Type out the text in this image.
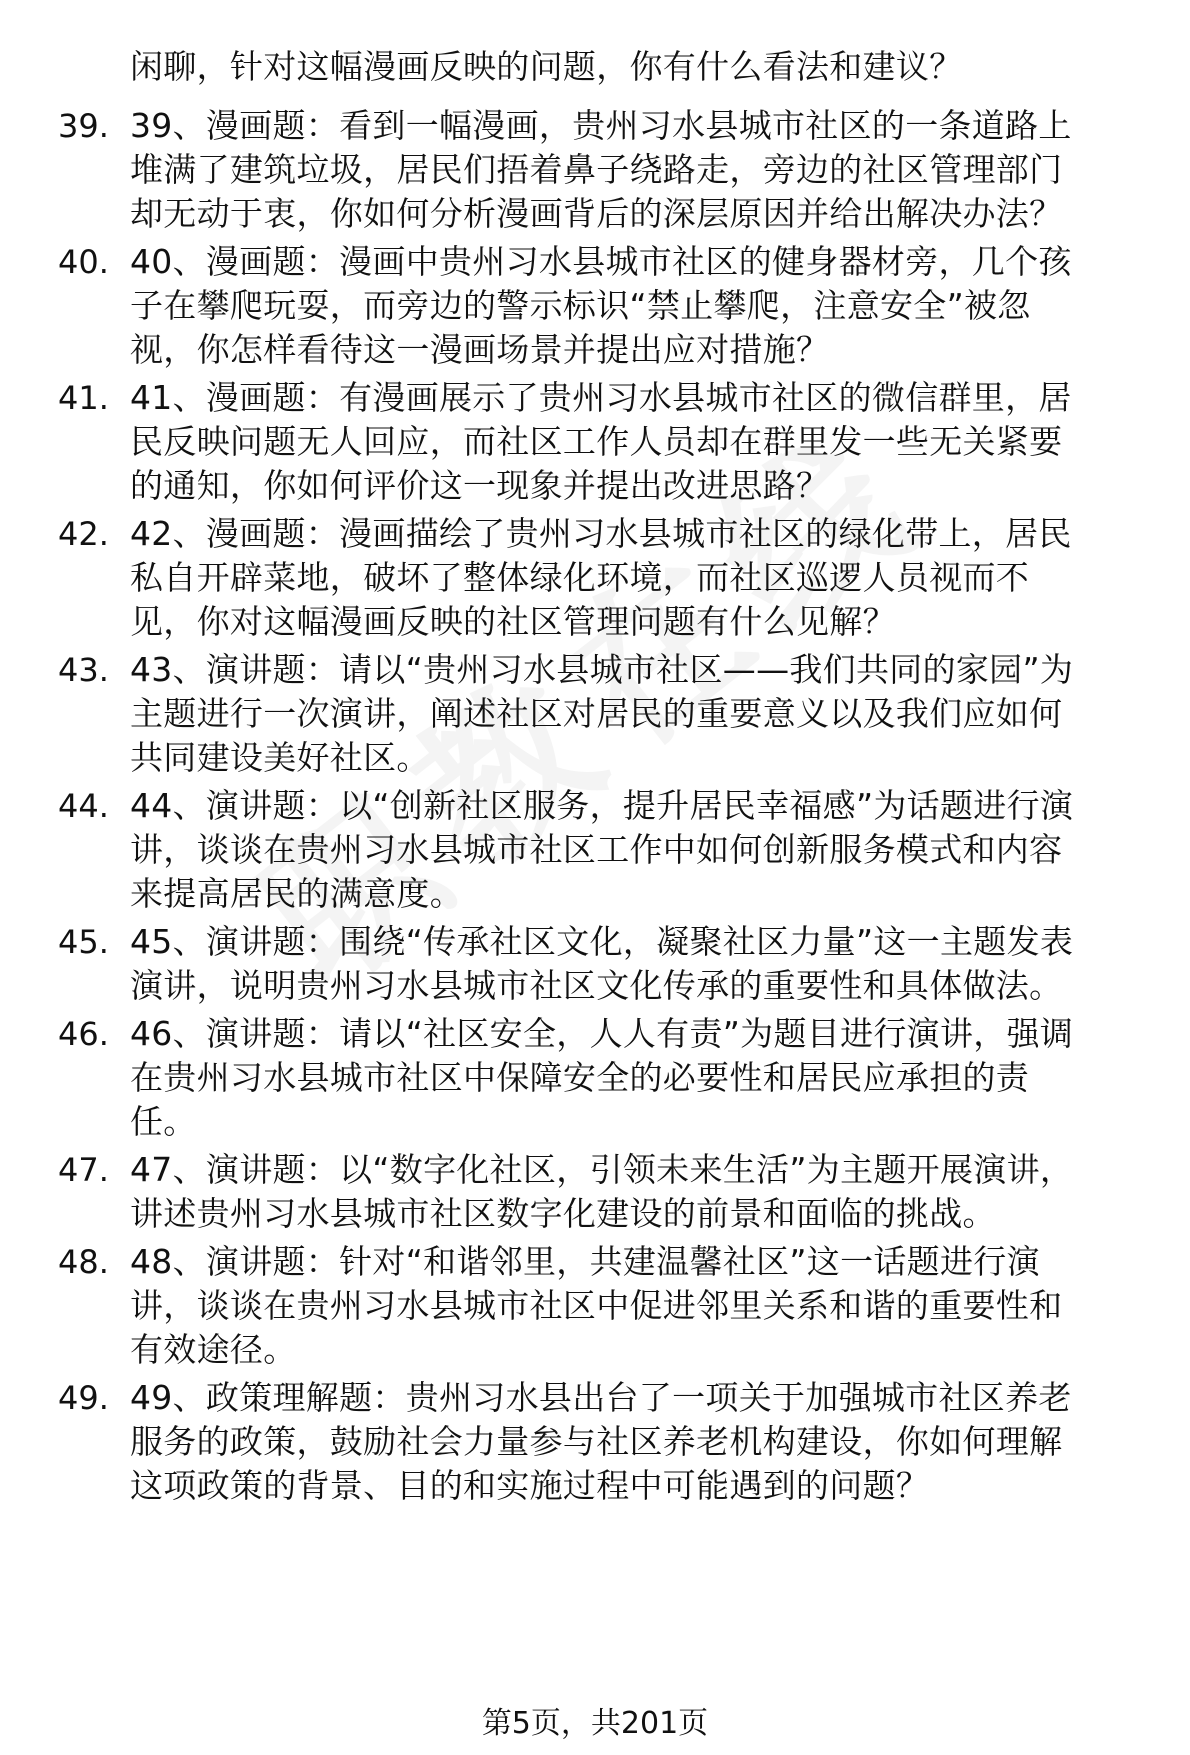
闲聊，针对这幅漫画反映的问题，你有什么看法和建议？
39. 39、漫画题：看到一幅漫画，贵州习水县城市社区的一条道路上
堆满了建筑垃圾，居民们捂着鼻子绕路走，旁边的社区管理部门
却无动于衷，你如何分析漫画背后的深层原因并给出解决办法？
40. 40、漫画题：漫画中贵州习水县城市社区的健身器材旁，几个孩
子在攀爬玩耍，而旁边的警示标识“禁止攀爬，注意安全”被忽
视，你怎样看待这一漫画场景并提出应对措施？
41. 41、漫画题：有漫画展示了贵州习水县城市社区的微信群里，居
民反映问题无人回应，而社区工作人员却在群里发一些无关紧要
的通知，你如何评价这一现象并提出改进思路？
42. 42、漫画题：漫画描绘了贵州习水县城市社区的绿化带上，居民
私自开辟菜地，破坏了整体绿化环境，而社区巡逻人员视而不
见，你对这幅漫画反映的社区管理问题有什么见解？
43. 43、演讲题：请以“贵州习水县城市社区——我们共同的家园”为
主题进行一次演讲，阐述社区对居民的重要意义以及我们应如何
共同建设美好社区。
44. 44、演讲题：以“创新社区服务，提升居民幸福感”为话题进行演
讲，谈谈在贵州习水县城市社区工作中如何创新服务模式和内容
来提高居民的满意度。
45. 45、演讲题：围绕“传承社区文化，凝聚社区力量”这一主题发表
演讲，说明贵州习水县城市社区文化传承的重要性和具体做法。
46. 46、演讲题：请以“社区安全，人人有责”为题目进行演讲，强调
在贵州习水县城市社区中保障安全的必要性和居民应承担的责
任。
47. 47、演讲题：以“数字化社区，引领未来生活”为主题开展演讲，
讲述贵州习水县城市社区数字化建设的前景和面临的挑战。
48. 48、演讲题：针对“和谐邻里，共建温馨社区”这一话题进行演
讲，谈谈在贵州习水县城市社区中促进邻里关系和谐的重要性和
有效途径。
49. 49、政策理解题：贵州习水县出台了一项关于加强城市社区养老
服务的政策，鼓励社会力量参与社区养老机构建设，你如何理解
这项政策的背景、目的和实施过程中可能遇到的问题？
第5页，共201页
